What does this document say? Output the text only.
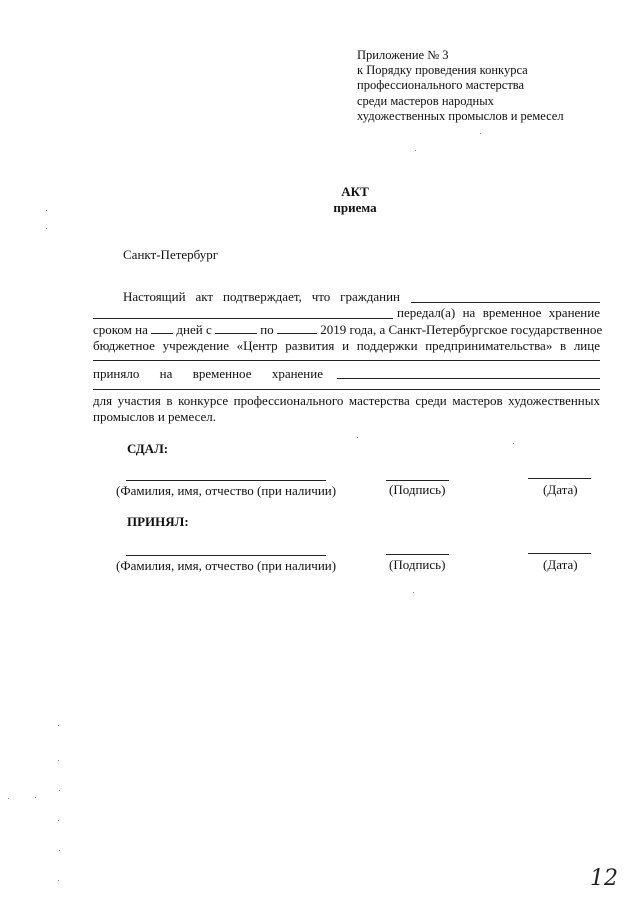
Приложение № 3
к Порядку проведения конкурса
профессионального мастерства
среди мастеров народных
художественных промыслов и ремесел
АКТ
приема
Санкт-Петербург
Настоящий акт подтверждает, что гражданин
передал(а) на временное хранение
сроком на дней с	по	2019 года, а Санкт-Петербургское государственное
бюджетное учреждение «Центр развития и поддержки предпринимательства» в лице
приняло на временное хранение
для участия в конкурсе профессионального мастерства среди мастеров художественных
промыслов и ремесел.
СДАЛ:
(Фамилия, имя, отчество (при наличии)	(Подпись)	(Дата)
ПРИНЯЛ:
(Фамилия, имя, отчество (при наличии)	(Подпись)	(Дата)
12
